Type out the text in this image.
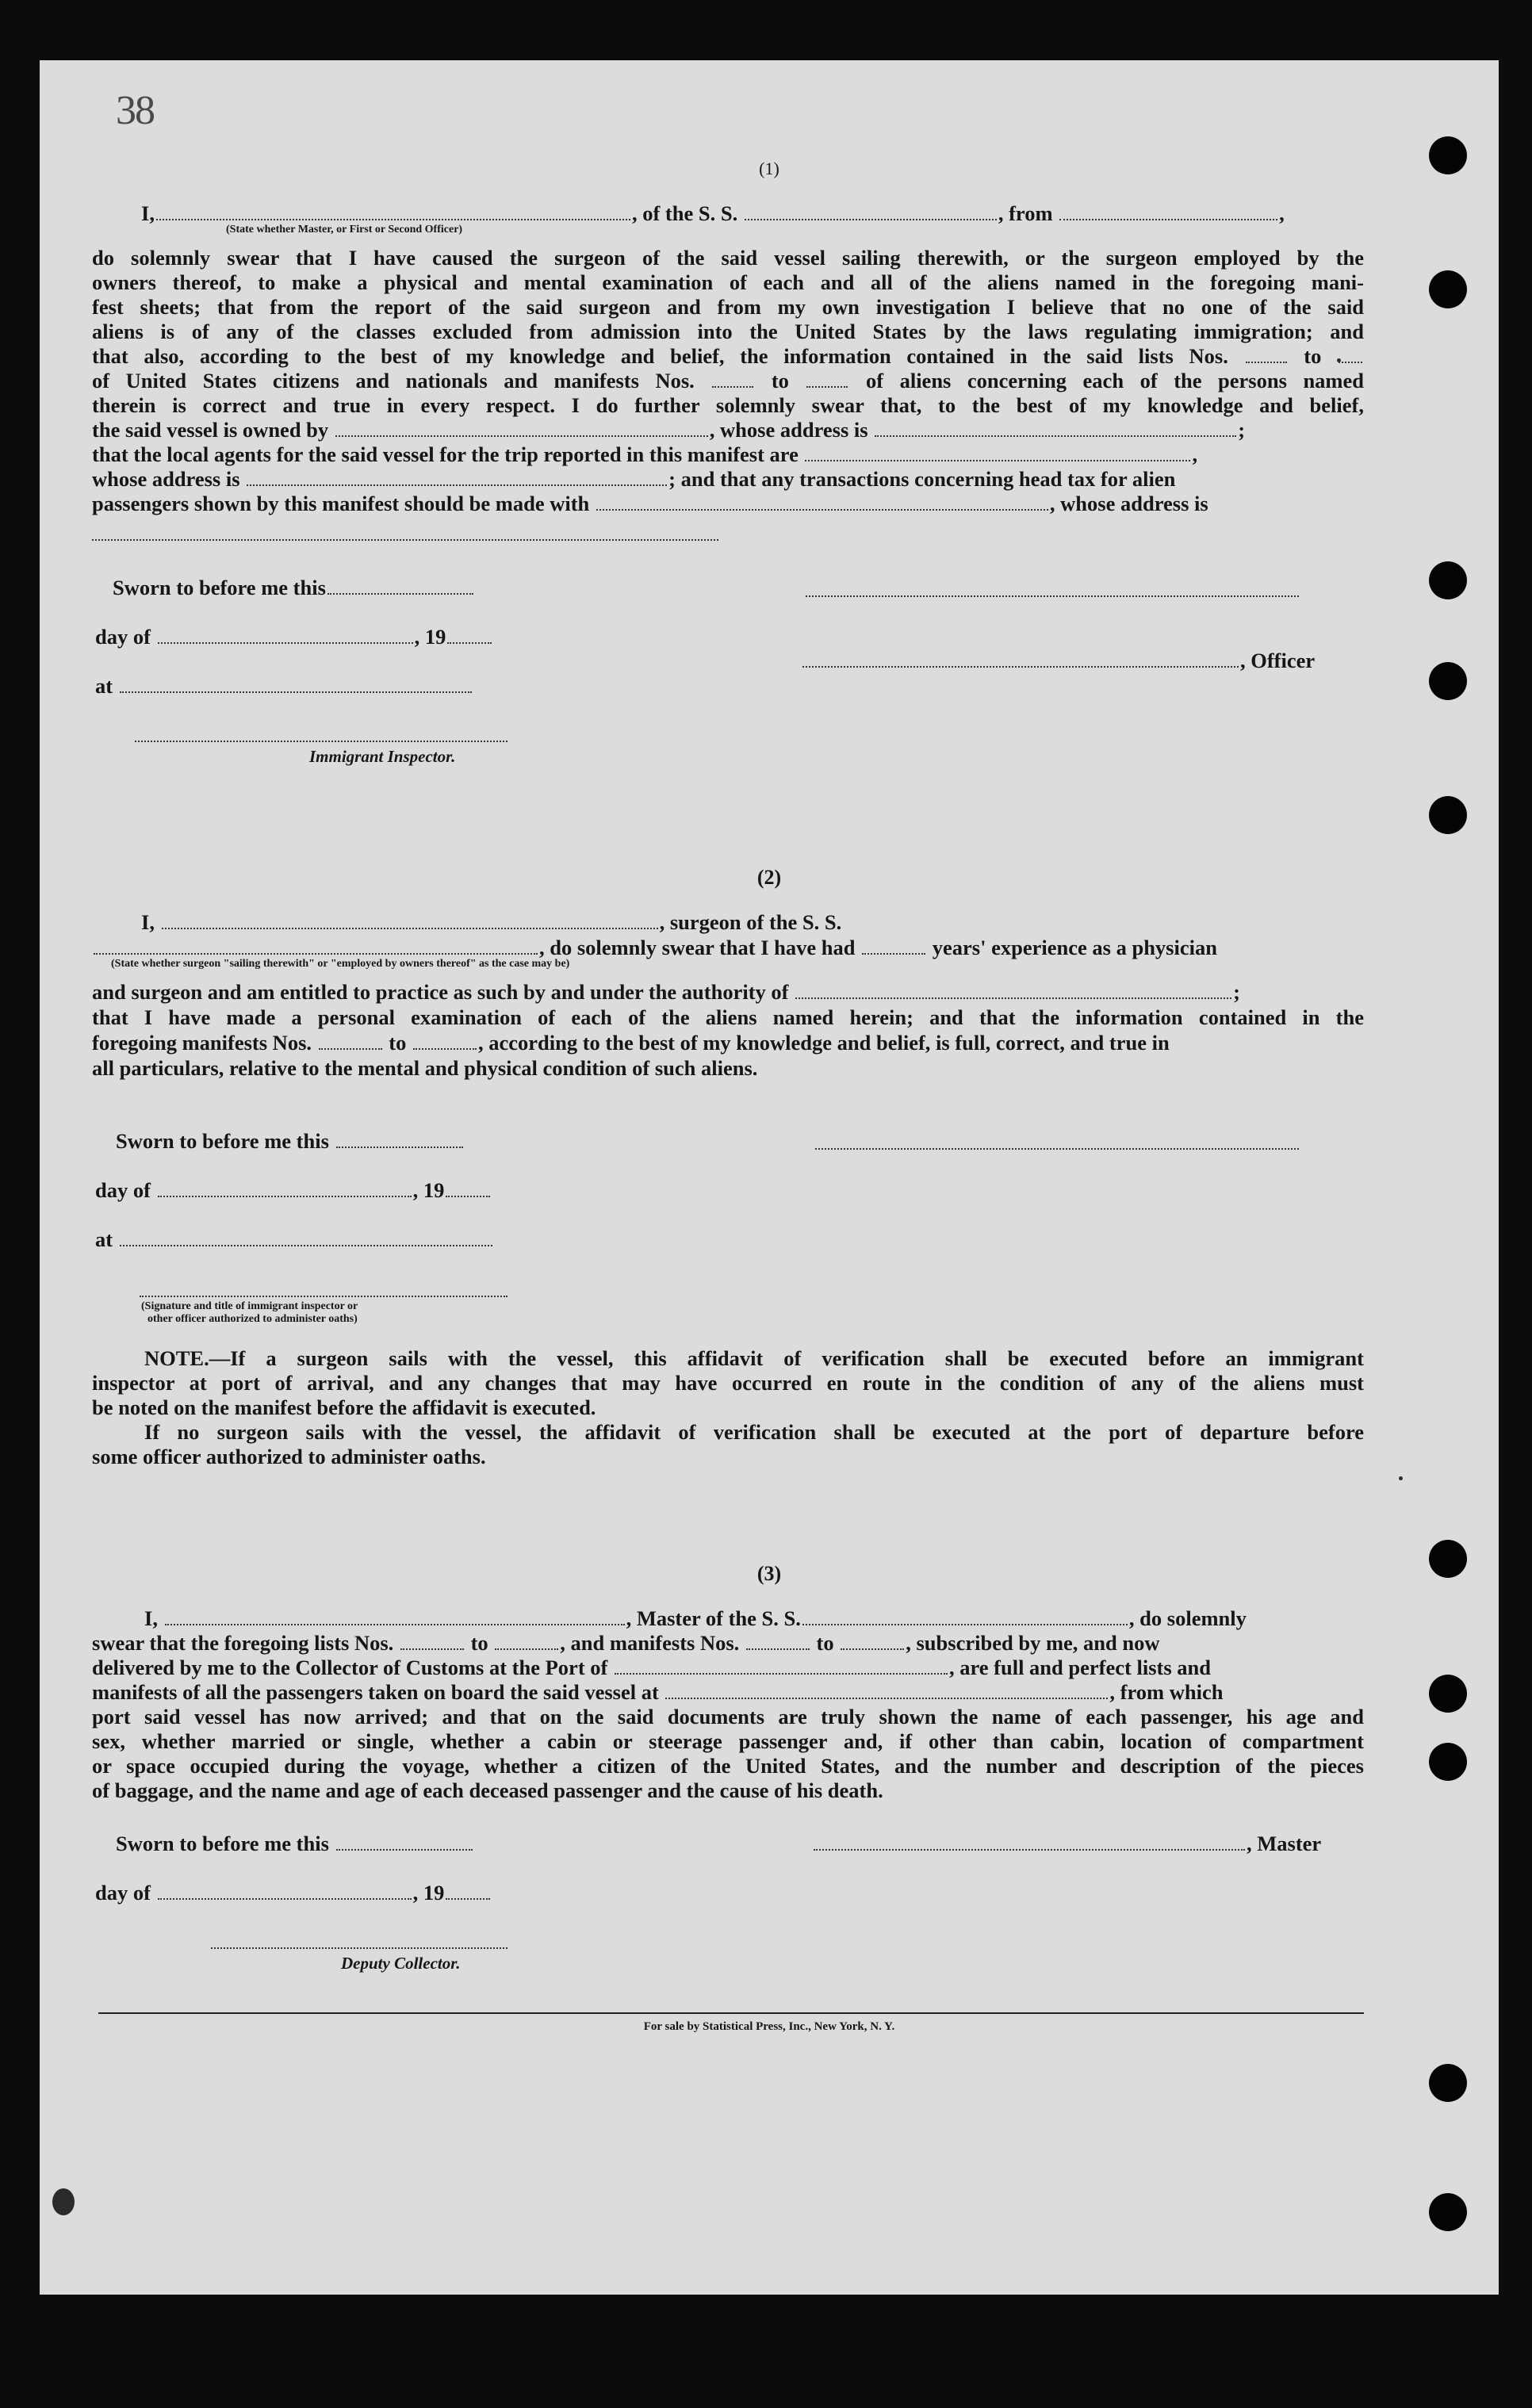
38
(1)
I,	, of the S. S.	, from	,
(State whether Master, or First or Second Officer)
do solemnly swear that I have caused the surgeon of the said vessel sailing therewith, or the surgeon employed by the
owners thereof, to make a physical and mental examination of each and all of the aliens named in the foregoing mani-
fest sheets; that from the report of the said surgeon and from my own investigation I believe that no one of the said
aliens is of any of the classes excluded from admission into the United States by the laws regulating immigration; and
that also, according to the best of my knowledge and belief, the information contained in the said lists Nos.	to
of United States citizens and nationals and manifests Nos.	to	of aliens concerning each of the persons named
therein is correct and true in every respect. I do further solemnly swear that, to the best of my knowledge and belief,
the said vessel is owned by	, whose address is	;
that the local agents for the said vessel for the trip reported in this manifest are	,
whose address is	; and that any transactions concerning head tax for alien
passengers shown by this manifest should be made with	, whose address is
Sworn to before me this
day of	, 19
, Officer
at
Immigrant Inspector.
(2)
I,	, surgeon of the S. S.
, do solemnly swear that I have had	years' experience as a physician
(State whether surgeon "sailing therewith" or "employed by owners thereof" as the case may be)
and surgeon and am entitled to practice as such by and under the authority of	;
that I have made a personal examination of each of the aliens named herein; and that the information contained in the
foregoing manifests Nos.	to	, according to the best of my knowledge and belief, is full, correct, and true in
all particulars, relative to the mental and physical condition of such aliens.
Sworn to before me this
day of	, 19
at
(Signature and title of immigrant inspector or
other officer authorized to administer oaths)
NOTE.—If a surgeon sails with the vessel, this affidavit of verification shall be executed before an immigrant
inspector at port of arrival, and any changes that may have occurred en route in the condition of any of the aliens must
be noted on the manifest before the affidavit is executed.
If no surgeon sails with the vessel, the affidavit of verification shall be executed at the port of departure before
some officer authorized to administer oaths.
(3)
I,	, Master of the S. S.	, do solemnly
swear that the foregoing lists Nos.	to	, and manifests Nos.	to	, subscribed by me, and now
delivered by me to the Collector of Customs at the Port of	, are full and perfect lists and
manifests of all the passengers taken on board the said vessel at	, from which
port said vessel has now arrived; and that on the said documents are truly shown the name of each passenger, his age and
sex, whether married or single, whether a cabin or steerage passenger and, if other than cabin, location of compartment
or space occupied during the voyage, whether a citizen of the United States, and the number and description of the pieces
of baggage, and the name and age of each deceased passenger and the cause of his death.
Sworn to before me this	, Master
day of	, 19
Deputy Collector.
For sale by Statistical Press, Inc., New York, N. Y.
